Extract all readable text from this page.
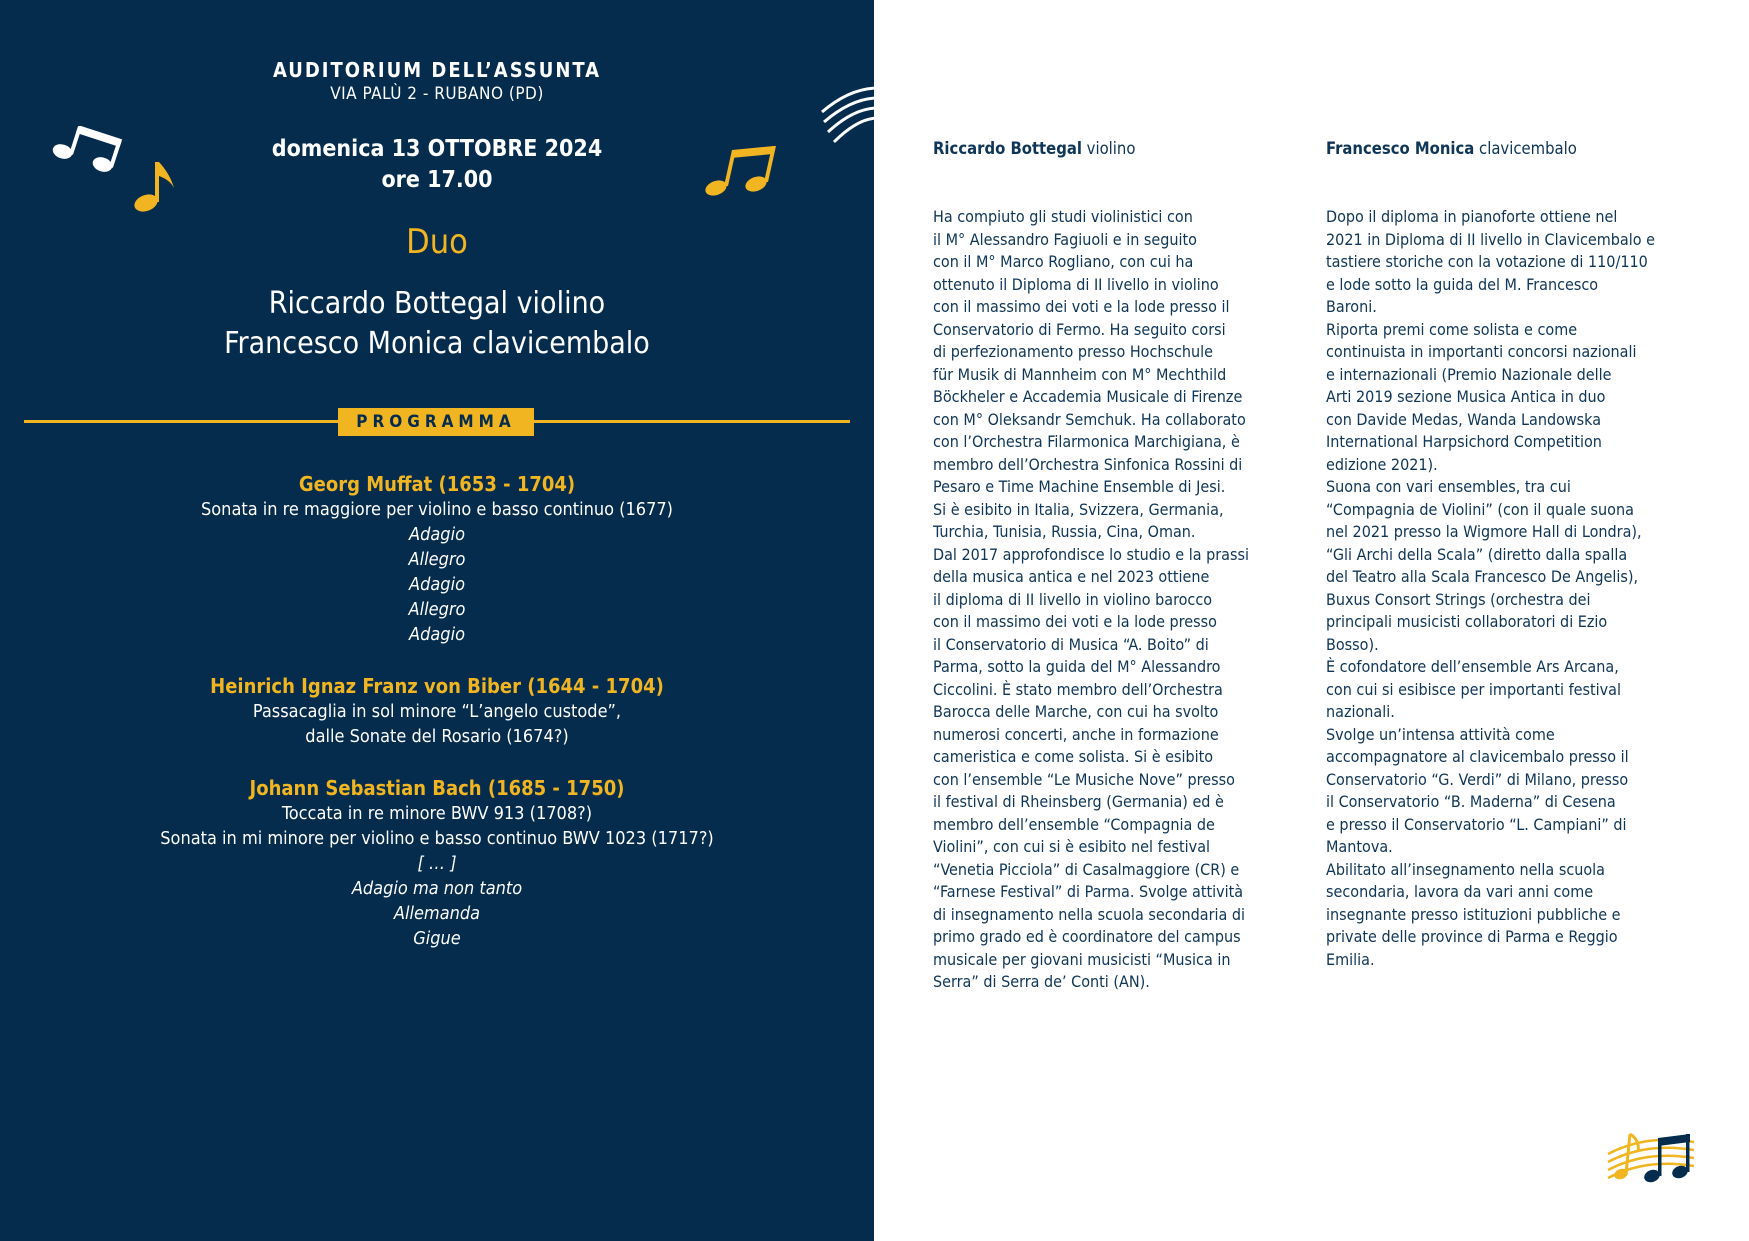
AUDITORIUM DELL’ASSUNTA
VIA PALÙ 2 - RUBANO (PD)
domenica 13 OTTOBRE 2024
ore 17.00
Duo
Riccardo Bottegal violino
Francesco Monica clavicembalo
PROGRAMMA
Georg Muffat (1653 - 1704)
Sonata in re maggiore per violino e basso continuo (1677)
Adagio
Allegro
Adagio
Allegro
Adagio
Heinrich Ignaz Franz von Biber (1644 - 1704)
Passacaglia in sol minore “L’angelo custode”,
dalle Sonate del Rosario (1674?)
Johann Sebastian Bach (1685 - 1750)
Toccata in re minore BWV 913 (1708?)
Sonata in mi minore per violino e basso continuo BWV 1023 (1717?)
[ … ]
Adagio ma non tanto
Allemanda
Gigue
Riccardo Bottegal violino	Francesco Monica clavicembalo
Ha compiuto gli studi violinistici con
il M° Alessandro Fagiuoli e in seguito
con il M° Marco Rogliano, con cui ha
ottenuto il Diploma di II livello in violino
con il massimo dei voti e la lode presso il
Conservatorio di Fermo. Ha seguito corsi
di perfezionamento presso Hochschule
für Musik di Mannheim con M° Mechthild
Böckheler e Accademia Musicale di Firenze
con M° Oleksandr Semchuk. Ha collaborato
con l’Orchestra Filarmonica Marchigiana, è
membro dell’Orchestra Sinfonica Rossini di
Pesaro e Time Machine Ensemble di Jesi.
Si è esibito in Italia, Svizzera, Germania,
Turchia, Tunisia, Russia, Cina, Oman.
Dal 2017 approfondisce lo studio e la prassi
della musica antica e nel 2023 ottiene
il diploma di II livello in violino barocco
con il massimo dei voti e la lode presso
il Conservatorio di Musica “A. Boito” di
Parma, sotto la guida del M° Alessandro
Ciccolini. È stato membro dell’Orchestra
Barocca delle Marche, con cui ha svolto
numerosi concerti, anche in formazione
cameristica e come solista. Si è esibito
con l’ensemble “Le Musiche Nove” presso
il festival di Rheinsberg (Germania) ed è
membro dell’ensemble “Compagnia de
Violini”, con cui si è esibito nel festival
“Venetia Picciola” di Casalmaggiore (CR) e
“Farnese Festival” di Parma. Svolge attività
di insegnamento nella scuola secondaria di
primo grado ed è coordinatore del campus
musicale per giovani musicisti “Musica in
Serra” di Serra de’ Conti (AN).
Dopo il diploma in pianoforte ottiene nel
2021 in Diploma di II livello in Clavicembalo e
tastiere storiche con la votazione di 110/110
e lode sotto la guida del M. Francesco
Baroni.
Riporta premi come solista e come
continuista in importanti concorsi nazionali
e internazionali (Premio Nazionale delle
Arti 2019 sezione Musica Antica in duo
con Davide Medas, Wanda Landowska
International Harpsichord Competition
edizione 2021).
Suona con vari ensembles, tra cui
“Compagnia de Violini” (con il quale suona
nel 2021 presso la Wigmore Hall di Londra),
“Gli Archi della Scala” (diretto dalla spalla
del Teatro alla Scala Francesco De Angelis),
Buxus Consort Strings (orchestra dei
principali musicisti collaboratori di Ezio
Bosso).
È cofondatore dell’ensemble Ars Arcana,
con cui si esibisce per importanti festival
nazionali.
Svolge un’intensa attività come
accompagnatore al clavicembalo presso il
Conservatorio “G. Verdi” di Milano, presso
il Conservatorio “B. Maderna” di Cesena
e presso il Conservatorio “L. Campiani” di
Mantova.
Abilitato all’insegnamento nella scuola
secondaria, lavora da vari anni come
insegnante presso istituzioni pubbliche e
private delle province di Parma e Reggio
Emilia.
